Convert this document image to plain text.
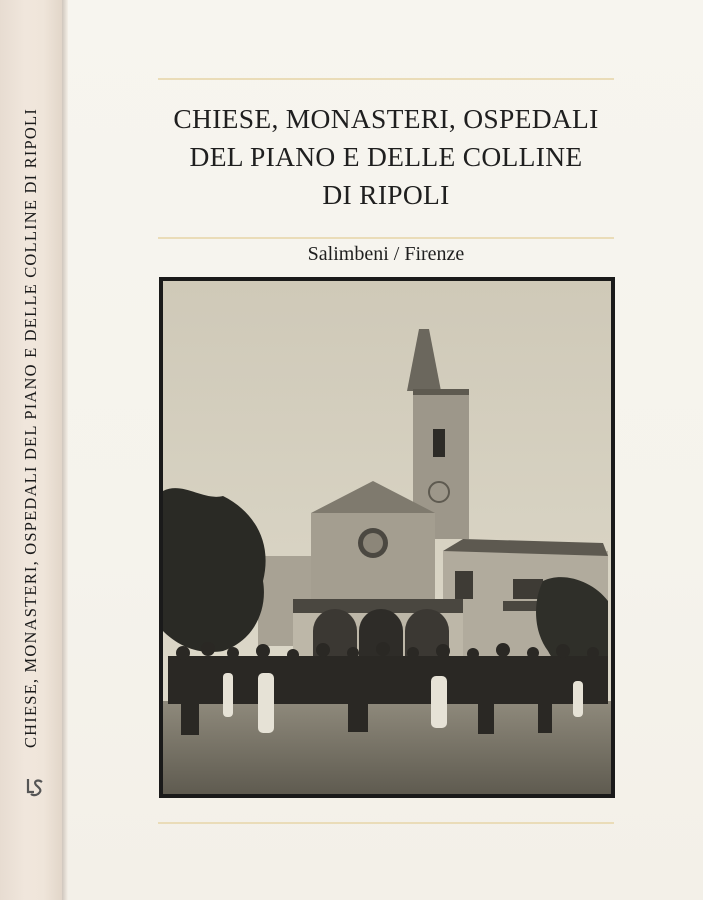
CHIESE, MONASTERI, OSPEDALI DEL PIANO E DELLE COLLINE DI RIPOLI	CHIESE, MONASTERI, OSPEDALI
DEL PIANO E DELLE COLLINE
DI RIPOLI
Salimbeni / Firenze
